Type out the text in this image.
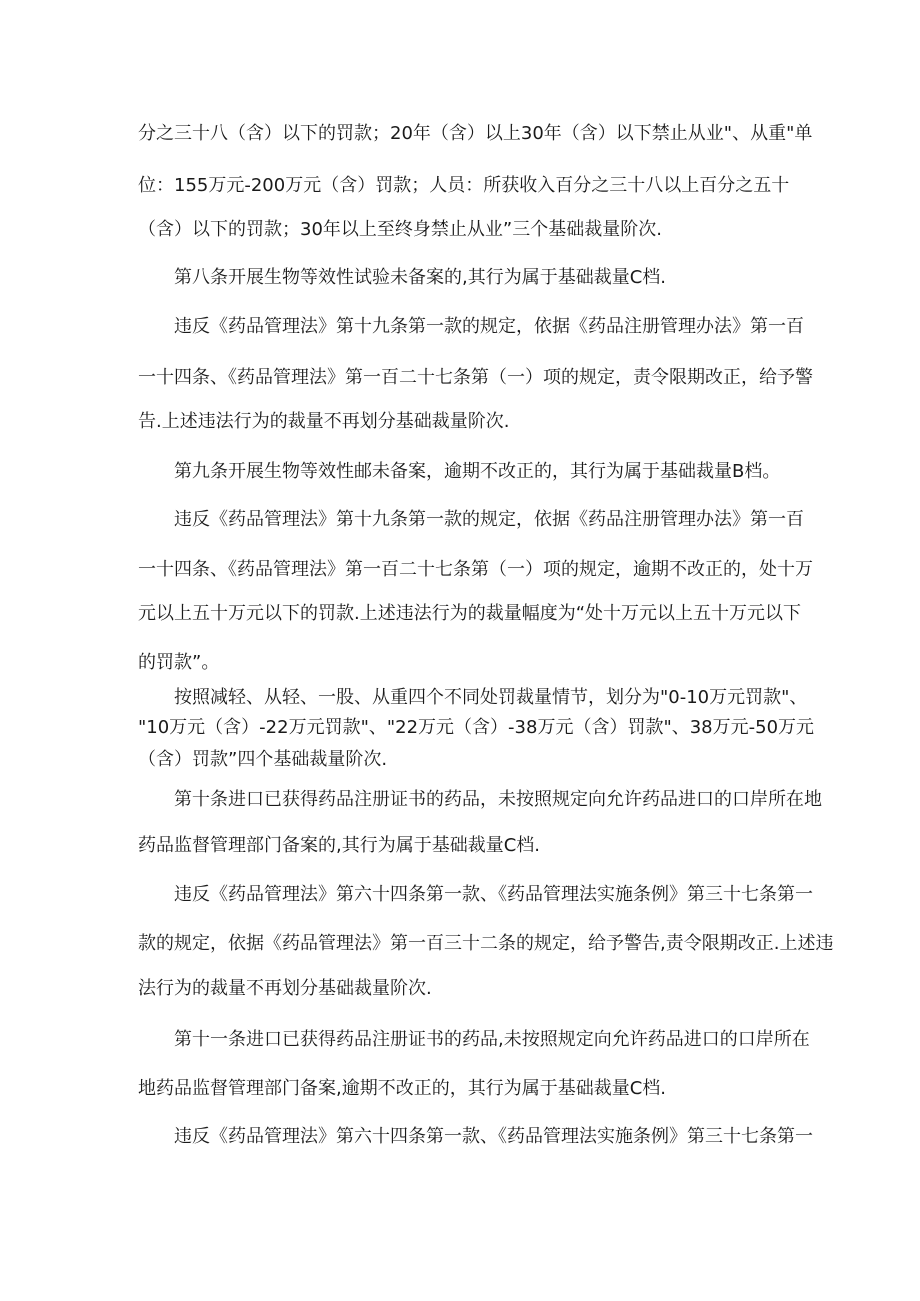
分之三十八（含）以下的罚款；20年（含）以上30年（含）以下禁止从业"、从重"单
位：155万元-200万元（含）罚款；人员：所获收入百分之三十八以上百分之五十
（含）以下的罚款；30年以上至终身禁止从业”三个基础裁量阶次.
第八条开展生物等效性试验未备案的,其行为属于基础裁量C档.
违反《药品管理法》第十九条第一款的规定，依据《药品注册管理办法》第一百
一十四条、《药品管理法》第一百二十七条第（一）项的规定，责令限期改正，给予警
告.上述违法行为的裁量不再划分基础裁量阶次.
第九条开展生物等效性邮未备案，逾期不改正的，其行为属于基础裁量B档。
违反《药品管理法》第十九条第一款的规定，依据《药品注册管理办法》第一百
一十四条、《药品管理法》第一百二十七条第（一）项的规定，逾期不改正的，处十万
元以上五十万元以下的罚款.上述违法行为的裁量幅度为“处十万元以上五十万元以下
的罚款”。
按照减轻、从轻、一股、从重四个不同处罚裁量情节，划分为"0-10万元罚款"、
"10万元（含）-22万元罚款"、"22万元（含）-38万元（含）罚款"、38万元-50万元
（含）罚款”四个基础裁量阶次.
第十条进口已获得药品注册证书的药品，未按照规定向允许药品进口的口岸所在地
药品监督管理部门备案的,其行为属于基础裁量C档.
违反《药品管理法》第六十四条第一款、《药品管理法实施条例》第三十七条第一
款的规定，依据《药品管理法》第一百三十二条的规定，给予警告,责令限期改正.上述违
法行为的裁量不再划分基础裁量阶次.
第十一条进口已获得药品注册证书的药品,未按照规定向允许药品进口的口岸所在
地药品监督管理部门备案,逾期不改正的，其行为属于基础裁量C档.
违反《药品管理法》第六十四条第一款、《药品管理法实施条例》第三十七条第一
